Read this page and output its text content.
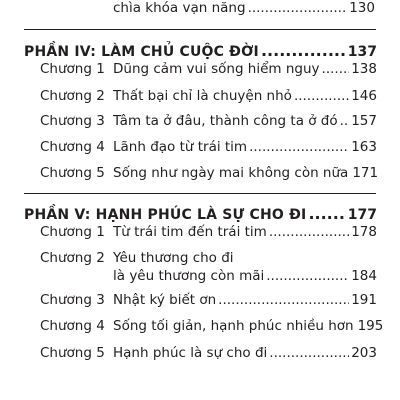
chìa khóa vạn năng .....	130
PHẦN IV: LÀM CHỦ CUỘC ĐỜI .....	137
Chương 1 Dũng cảm vui sống hiểm nguy ..... 138
Chương 2 Thất bại chỉ là chuyện nhỏ .....	146
Chương 3 Tâm ta ở đâu, thành công ta ở đó ..... 157
Chương 4 Lãnh đạo từ trái tim .....	163
Chương 5 Sống như ngày mai không còn nữa 171
PHẦN V: HẠNH PHÚC LÀ SỰ CHO ĐI .....	177
Chương 1 Từ trái tim đến trái tim .....	178
Chương 2 Yêu thương cho đi
là yêu thương còn mãi .....	184
Chương 3 Nhật ký biết ơn .....	191
Chương 4 Sống tối giản, hạnh phúc nhiều hơn 195
Chương 5 Hạnh phúc là sự cho đi .....	203
